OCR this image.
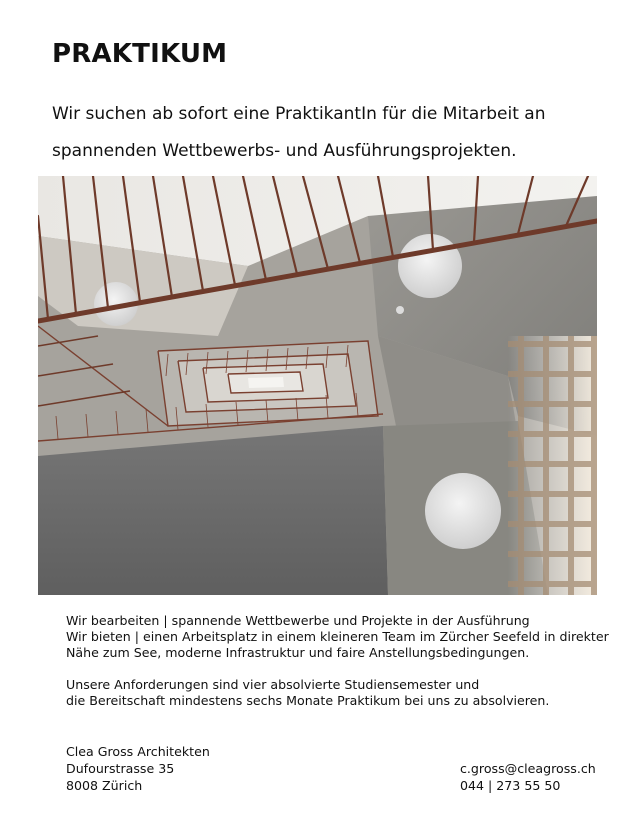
PRAKTIKUM
Wir suchen ab sofort eine PraktikantIn für die Mitarbeit an
spannenden Wettbewerbs- und Ausführungsprojekten.
Wir bearbeiten | spannende Wettbewerbe und Projekte in der Ausführung
Wir bieten | einen Arbeitsplatz in einem kleineren Team im Zürcher Seefeld in direkter
Nähe zum See, moderne Infrastruktur und faire Anstellungsbedingungen.
Unsere Anforderungen sind vier absolvierte Studiensemester und
die Bereitschaft mindestens sechs Monate Praktikum bei uns zu absolvieren.
Clea Gross Architekten
Dufourstrasse 35
8008 Zürich
c.gross@cleagross.ch
044 | 273 55 50
